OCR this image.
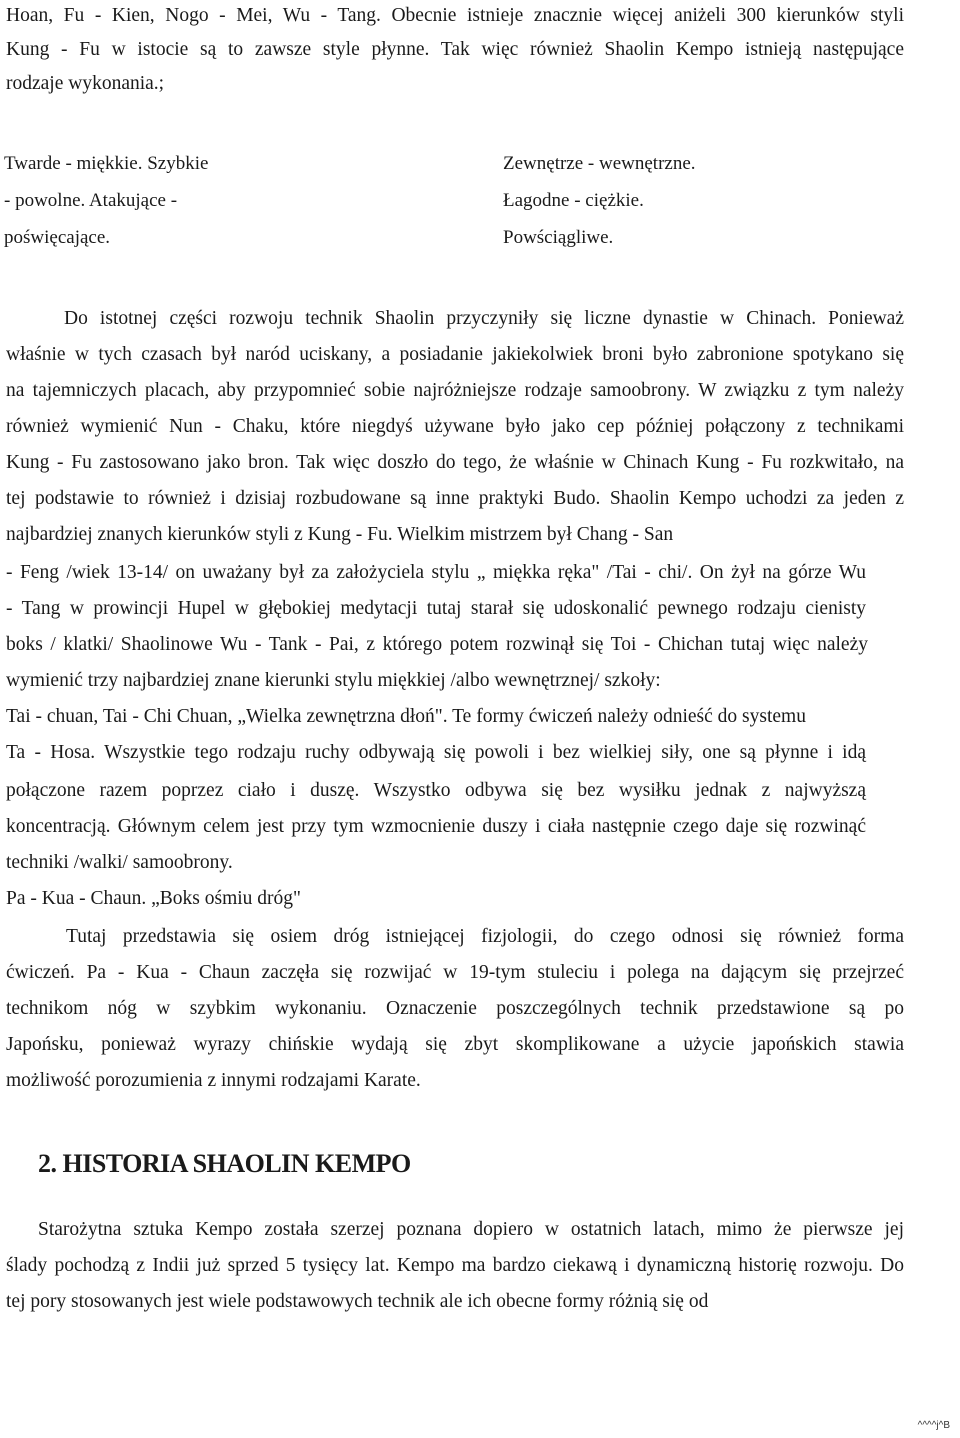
Hoan, Fu - Kien, Nogo - Mei, Wu - Tang. Obecnie istnieje znacznie więcej aniżeli 300 kierunków styli
Kung - Fu w istocie są to zawsze style płynne. Tak więc również Shaolin Kempo istnieją następujące
rodzaje wykonania.;
Twarde - miękkie. Szybkie
- powolne. Atakujące -
poświęcające.
Zewnętrze - wewnętrzne.
Łagodne - ciężkie.
Powściągliwe.
Do istotnej części rozwoju technik Shaolin przyczyniły się liczne dynastie w Chinach. Ponieważ
właśnie w tych czasach był naród uciskany, a posiadanie jakiekolwiek broni było zabronione spotykano się
na tajemniczych placach, aby przypomnieć sobie najróżniejsze rodzaje samoobrony. W związku z tym należy
również wymienić Nun - Chaku, które niegdyś używane było jako cep później połączony z technikami
Kung - Fu zastosowano jako bron. Tak więc doszło do tego, że właśnie w Chinach Kung - Fu rozkwitało, na
tej podstawie to również i dzisiaj rozbudowane są inne praktyki Budo. Shaolin Kempo uchodzi za jeden z
najbardziej znanych kierunków styli z Kung - Fu. Wielkim mistrzem był Chang - San
- Feng /wiek 13-14/ on uważany był za założyciela stylu „ miękka ręka" /Tai - chi/. On żył na górze Wu
- Tang w prowincji Hupel w głębokiej medytacji tutaj starał się udoskonalić pewnego rodzaju cienisty
boks / klatki/ Shaolinowe Wu - Tank - Pai, z którego potem rozwinął się Toi - Chichan tutaj więc należy
wymienić trzy najbardziej znane kierunki stylu miękkiej /albo wewnętrznej/ szkoły:
Tai - chuan, Tai - Chi Chuan, „Wielka zewnętrzna dłoń". Te formy ćwiczeń należy odnieść do systemu
Ta - Hosa. Wszystkie tego rodzaju ruchy odbywają się powoli i bez wielkiej siły, one są płynne i idą
połączone razem poprzez ciało i duszę. Wszystko odbywa się bez wysiłku jednak z najwyższą
koncentracją. Głównym celem jest przy tym wzmocnienie duszy i ciała następnie czego daje się rozwinąć
techniki /walki/ samoobrony.
Pa - Kua - Chaun. „Boks ośmiu dróg"
Tutaj przedstawia się osiem dróg istniejącej fizjologii, do czego odnosi się również forma
ćwiczeń. Pa - Kua - Chaun zaczęła się rozwijać w 19-tym stuleciu i polega na dającym się przejrzeć
technikom nóg w szybkim wykonaniu. Oznaczenie poszczególnych technik przedstawione są po
Japońsku, ponieważ wyrazy chińskie wydają się zbyt skomplikowane a użycie japońskich stawia
możliwość porozumienia z innymi rodzajami Karate.
2. HISTORIA SHAOLIN KEMPO
Starożytna sztuka Kempo została szerzej poznana dopiero w ostatnich latach, mimo że pierwsze jej
ślady pochodzą z Indii już sprzed 5 tysięcy lat. Kempo ma bardzo ciekawą i dynamiczną historię rozwoju. Do
tej pory stosowanych jest wiele podstawowych technik ale ich obecne formy różnią się od
^^^^j^B
